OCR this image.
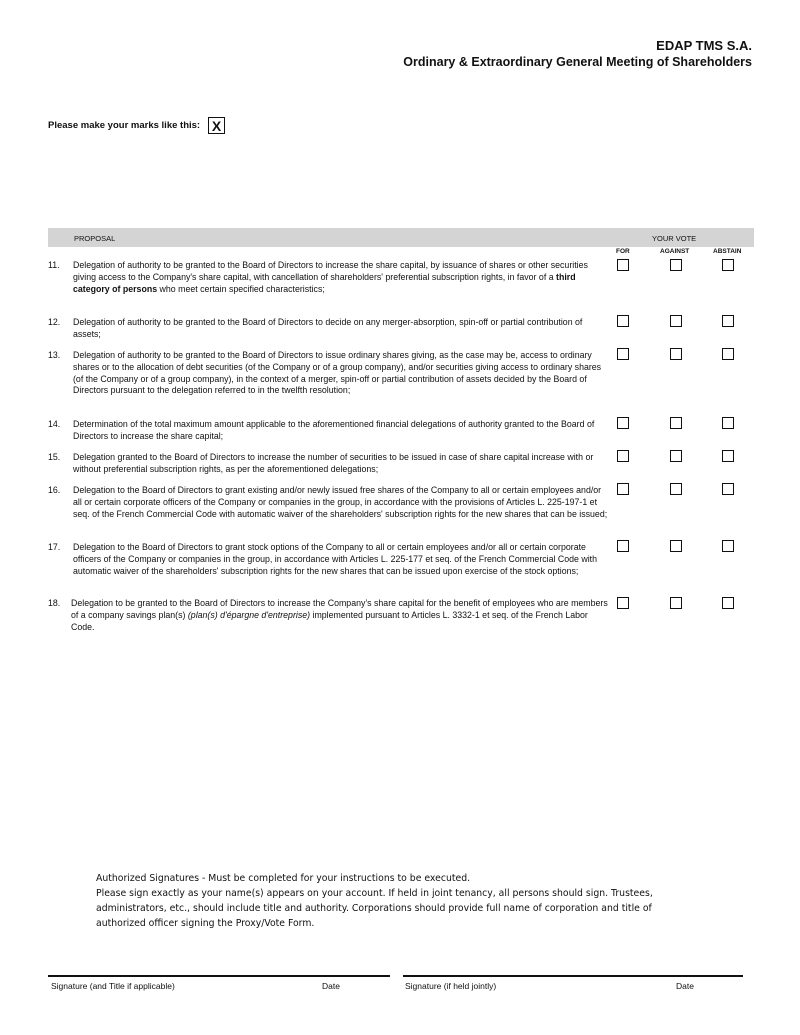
EDAP TMS S.A.
Ordinary & Extraordinary General Meeting of Shareholders
Please make your marks like this: X
PROPOSAL	YOUR VOTE
FOR	AGAINST	ABSTAIN
11. Delegation of authority to be granted to the Board of Directors to increase the share capital, by issuance of shares or other securities giving access to the Company's share capital, with cancellation of shareholders' preferential subscription rights, in favor of a third category of persons who meet certain specified characteristics;
12. Delegation of authority to be granted to the Board of Directors to decide on any merger-absorption, spin-off or partial contribution of assets;
13. Delegation of authority to be granted to the Board of Directors to issue ordinary shares giving, as the case may be, access to ordinary shares or to the allocation of debt securities (of the Company or of a group company), and/or securities giving access to ordinary shares (of the Company or of a group company), in the context of a merger, spin-off or partial contribution of assets decided by the Board of Directors pursuant to the delegation referred to in the twelfth resolution;
14. Determination of the total maximum amount applicable to the aforementioned financial delegations of authority granted to the Board of Directors to increase the share capital;
15. Delegation granted to the Board of Directors to increase the number of securities to be issued in case of share capital increase with or without preferential subscription rights, as per the aforementioned delegations;
16. Delegation to the Board of Directors to grant existing and/or newly issued free shares of the Company to all or certain employees and/or all or certain corporate officers of the Company or companies in the group, in accordance with the provisions of Articles L. 225-197-1 et seq. of the French Commercial Code with automatic waiver of the shareholders' subscription rights for the new shares that can be issued;
17. Delegation to the Board of Directors to grant stock options of the Company to all or certain employees and/or all or certain corporate officers of the Company or companies in the group, in accordance with Articles L. 225-177 et seq. of the French Commercial Code with automatic waiver of the shareholders' subscription rights for the new shares that can be issued upon exercise of the stock options;
18. Delegation to be granted to the Board of Directors to increase the Company’s share capital for the benefit of employees who are members of a company savings plan(s) (plan(s) d'épargne d'entreprise) implemented pursuant to Articles L. 3332-1 et seq. of the French Labor Code.
Authorized Signatures - Must be completed for your instructions to be executed.
Please sign exactly as your name(s) appears on your account. If held in joint tenancy, all persons should sign. Trustees, administrators, etc., should include title and authority. Corporations should provide full name of corporation and title of authorized officer signing the Proxy/Vote Form.
Signature (and Title if applicable)	Date	Signature (if held jointly)	Date
